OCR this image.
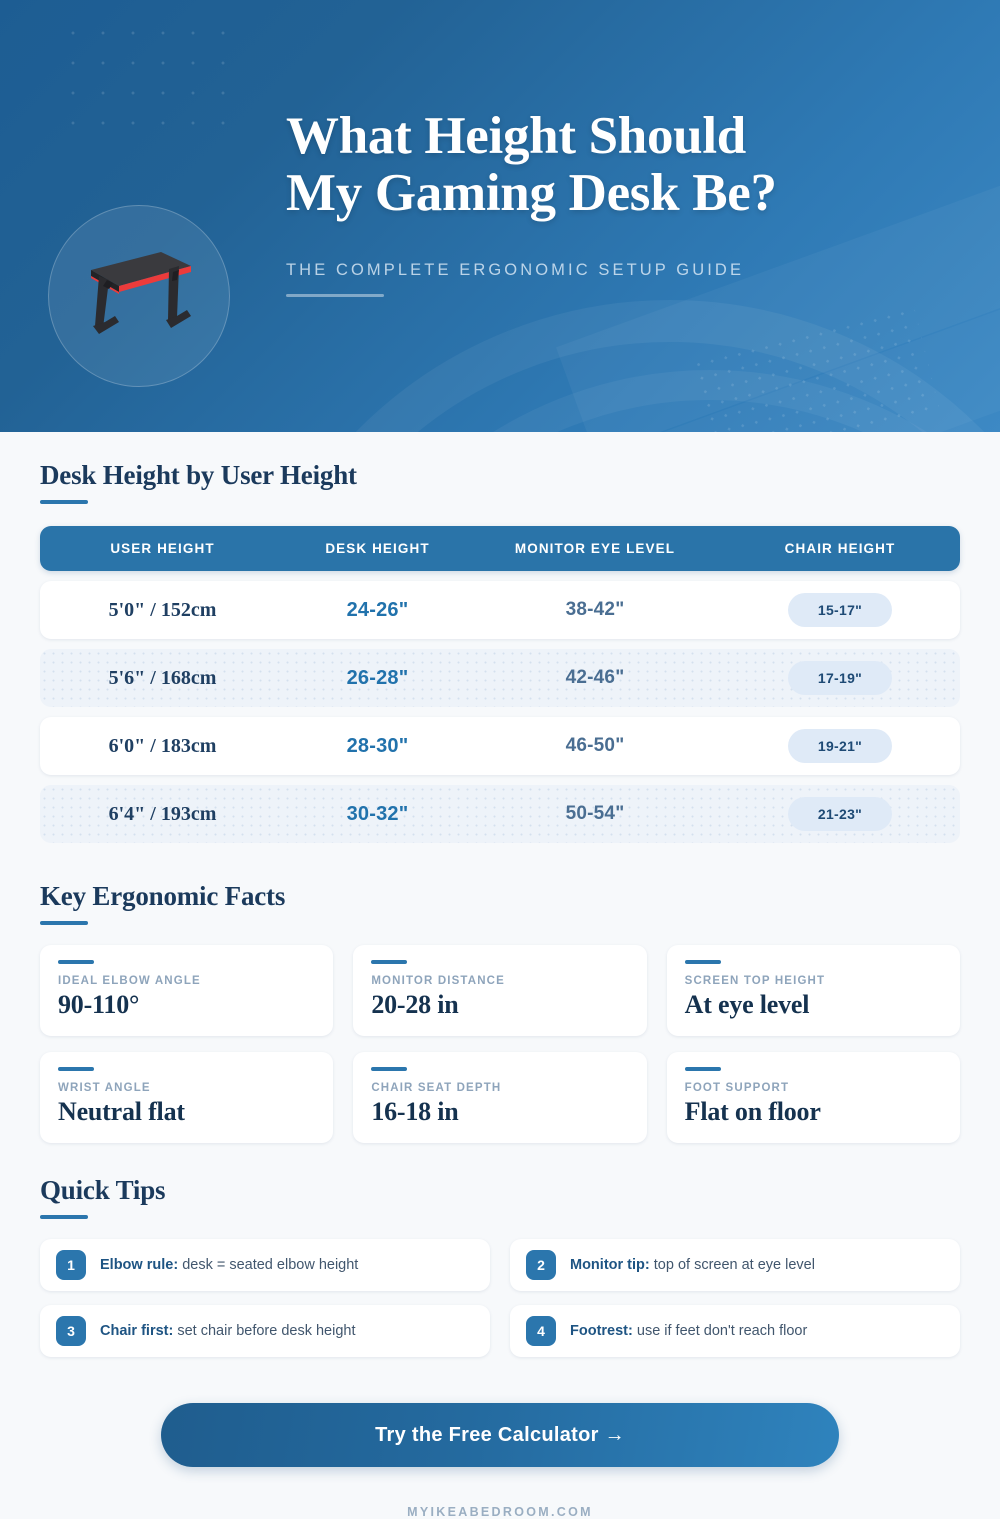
What Height Should
My Gaming Desk Be?
THE COMPLETE ERGONOMIC SETUP GUIDE
Desk Height by User Height
USER HEIGHT	DESK HEIGHT	MONITOR EYE LEVEL	CHAIR HEIGHT
5'0" / 152cm	24-26"	38-42"	15-17"
5'6" / 168cm	26-28"	42-46"	17-19"
6'0" / 183cm	28-30"	46-50"	19-21"
6'4" / 193cm	30-32"	50-54"	21-23"
Key Ergonomic Facts
IDEAL ELBOW ANGLE
90-110°
MONITOR DISTANCE
20-28 in
SCREEN TOP HEIGHT
At eye level
WRIST ANGLE
Neutral flat
CHAIR SEAT DEPTH
16-18 in
FOOT SUPPORT
Flat on floor
Quick Tips
1	Elbow rule: desk = seated elbow height	2	Monitor tip: top of screen at eye level
3	Chair first: set chair before desk height	4	Footrest: use if feet don't reach floor
Try the Free Calculator →
MYIKEABEDROOM.COM
